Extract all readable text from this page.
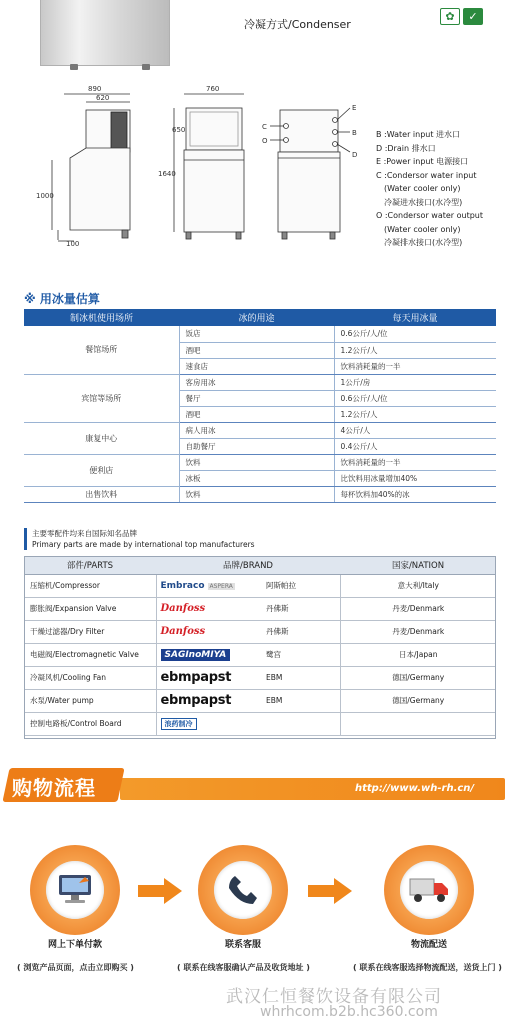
冷凝方式/Condenser
✿	✓
890
620
1000
100
760
650
1640
E
B
C
O
D
B :Water input 进水口
D :Drain 排水口
E :Power input 电源接口
C :Condersor water input
(Water cooler only)
冷凝进水接口(水冷型)
O :Condersor water output
(Water cooler only)
冷凝排水接口(水冷型)
※ 用冰量估算
制冰机使用场所	冰的用途	每天用冰量
餐馆场所	饭店	0.6公斤/人/位
	酒吧	1.2公斤/人
	速食店	饮料消耗量的一半
宾馆等场所	客房用冰	1公斤/房
	餐厅	0.6公斤/人/位
	酒吧	1.2公斤/人
康复中心	病人用冰	4公斤/人
	自助餐厅	0.4公斤/人
便利店	饮料	饮料消耗量的一半
	冰板	比饮料用冰量增加40%
出售饮料	饮料	每杯饮料加40%的冰
主要零配件均来自国际知名品牌
Primary parts are made by international top manufacturers
部件/PARTS	品牌/BRAND		国家/NATION
压缩机/Compressor	Embraco ASPERA	阿斯帕拉	意大利/Italy
膨胀阀/Expansion Valve	Danfoss	丹佛斯	丹麦/Denmark
干燥过滤器/Dry Filter	Danfoss	丹佛斯	丹麦/Denmark
电磁阀/Electromagnetic Valve	SAGInoMIYA	鹭宫	日本/Japan
冷凝风机/Cooling Fan	ebmpapst	EBM	德国/Germany
水泵/Water pump	ebmpapst	EBM	德国/Germany
控制电路板/Control Board	浪药制冷		
购物流程	http://www.wh-rh.cn/
网上下单付款	联系客服	物流配送
( 浏览产品页面，点击立即购买 )	( 联系在线客服确认产品及收货地址 )	( 联系在线客服选择物流配送，送货上门 )
武汉仁恒餐饮设备有限公司
whrhcom.b2b.hc360.com
